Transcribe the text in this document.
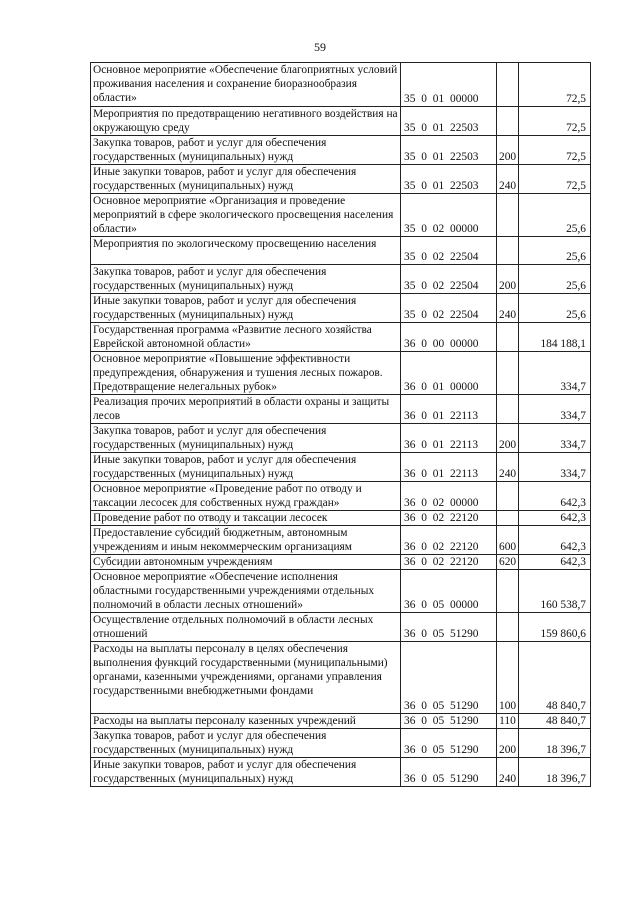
59
Основное мероприятие «Обеспечение благоприятных условий проживания населения и сохранение биоразнообразия области»	35 0 01 00000		72,5
Мероприятия по предотвращению негативного воздействия на окружающую среду	35 0 01 22503		72,5
Закупка товаров, работ и услуг для обеспечения государственных (муниципальных) нужд	35 0 01 22503	200	72,5
Иные закупки товаров, работ и услуг для обеспечения государственных (муниципальных) нужд	35 0 01 22503	240	72,5
Основное мероприятие «Организация и проведение мероприятий в сфере экологического просвещения населения области»	35 0 02 00000		25,6
Мероприятия по экологическому просвещению населения	35 0 02 22504		25,6
Закупка товаров, работ и услуг для обеспечения государственных (муниципальных) нужд	35 0 02 22504	200	25,6
Иные закупки товаров, работ и услуг для обеспечения государственных (муниципальных) нужд	35 0 02 22504	240	25,6
Государственная программа «Развитие лесного хозяйства Еврейской автономной области»	36 0 00 00000		184 188,1
Основное мероприятие «Повышение эффективности предупреждения, обнаружения и тушения лесных пожаров. Предотвращение нелегальных рубок»	36 0 01 00000		334,7
Реализация прочих мероприятий в области охраны и защиты лесов	36 0 01 22113		334,7
Закупка товаров, работ и услуг для обеспечения государственных (муниципальных) нужд	36 0 01 22113	200	334,7
Иные закупки товаров, работ и услуг для обеспечения государственных (муниципальных) нужд	36 0 01 22113	240	334,7
Основное мероприятие «Проведение работ по отводу и таксации лесосек для собственных нужд граждан»	36 0 02 00000		642,3
Проведение работ по отводу и таксации лесосек	36 0 02 22120		642,3
Предоставление субсидий бюджетным, автономным учреждениям и иным некоммерческим организациям	36 0 02 22120	600	642,3
Субсидии автономным учреждениям	36 0 02 22120	620	642,3
Основное мероприятие «Обеспечение исполнения областными государственными учреждениями отдельных полномочий в области лесных отношений»	36 0 05 00000		160 538,7
Осуществление отдельных полномочий в области лесных отношений	36 0 05 51290		159 860,6
Расходы на выплаты персоналу в целях обеспечения выполнения функций государственными (муниципальными) органами, казенными учреждениями, органами управления государственными внебюджетными фондами	36 0 05 51290	100	48 840,7
Расходы на выплаты персоналу казенных учреждений	36 0 05 51290	110	48 840,7
Закупка товаров, работ и услуг для обеспечения государственных (муниципальных) нужд	36 0 05 51290	200	18 396,7
Иные закупки товаров, работ и услуг для обеспечения государственных (муниципальных) нужд	36 0 05 51290	240	18 396,7
